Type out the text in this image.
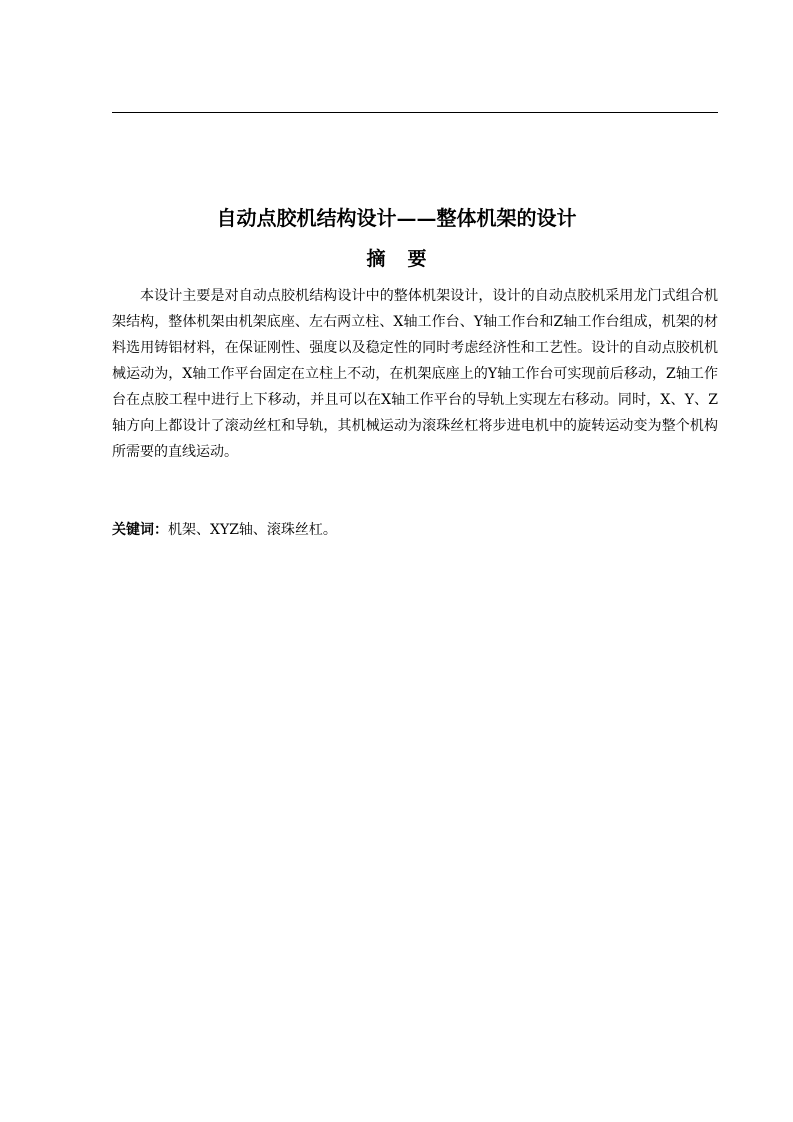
自动点胶机结构设计——整体机架的设计
摘要

本设计主要是对自动点胶机结构设计中的整体机架设计，设计的自动点胶机采用龙门式组合机架结构，整体机架由机架底座、左右两立柱、X轴工作台、Y轴工作台和Z轴工作台组成，机架的材料选用铸铝材料，在保证刚性、强度以及稳定性的同时考虑经济性和工艺性。设计的自动点胶机机械运动为，X轴工作平台固定在立柱上不动，在机架底座上的Y轴工作台可实现前后移动，Z轴工作台在点胶工程中进行上下移动，并且可以在X轴工作平台的导轨上实现左右移动。同时，X、Y、Z轴方向上都设计了滚动丝杠和导轨，其机械运动为滚珠丝杠将步进电机中的旋转运动变为整个机构所需要的直线运动。

关键词：机架、XYZ轴、滚珠丝杠。
